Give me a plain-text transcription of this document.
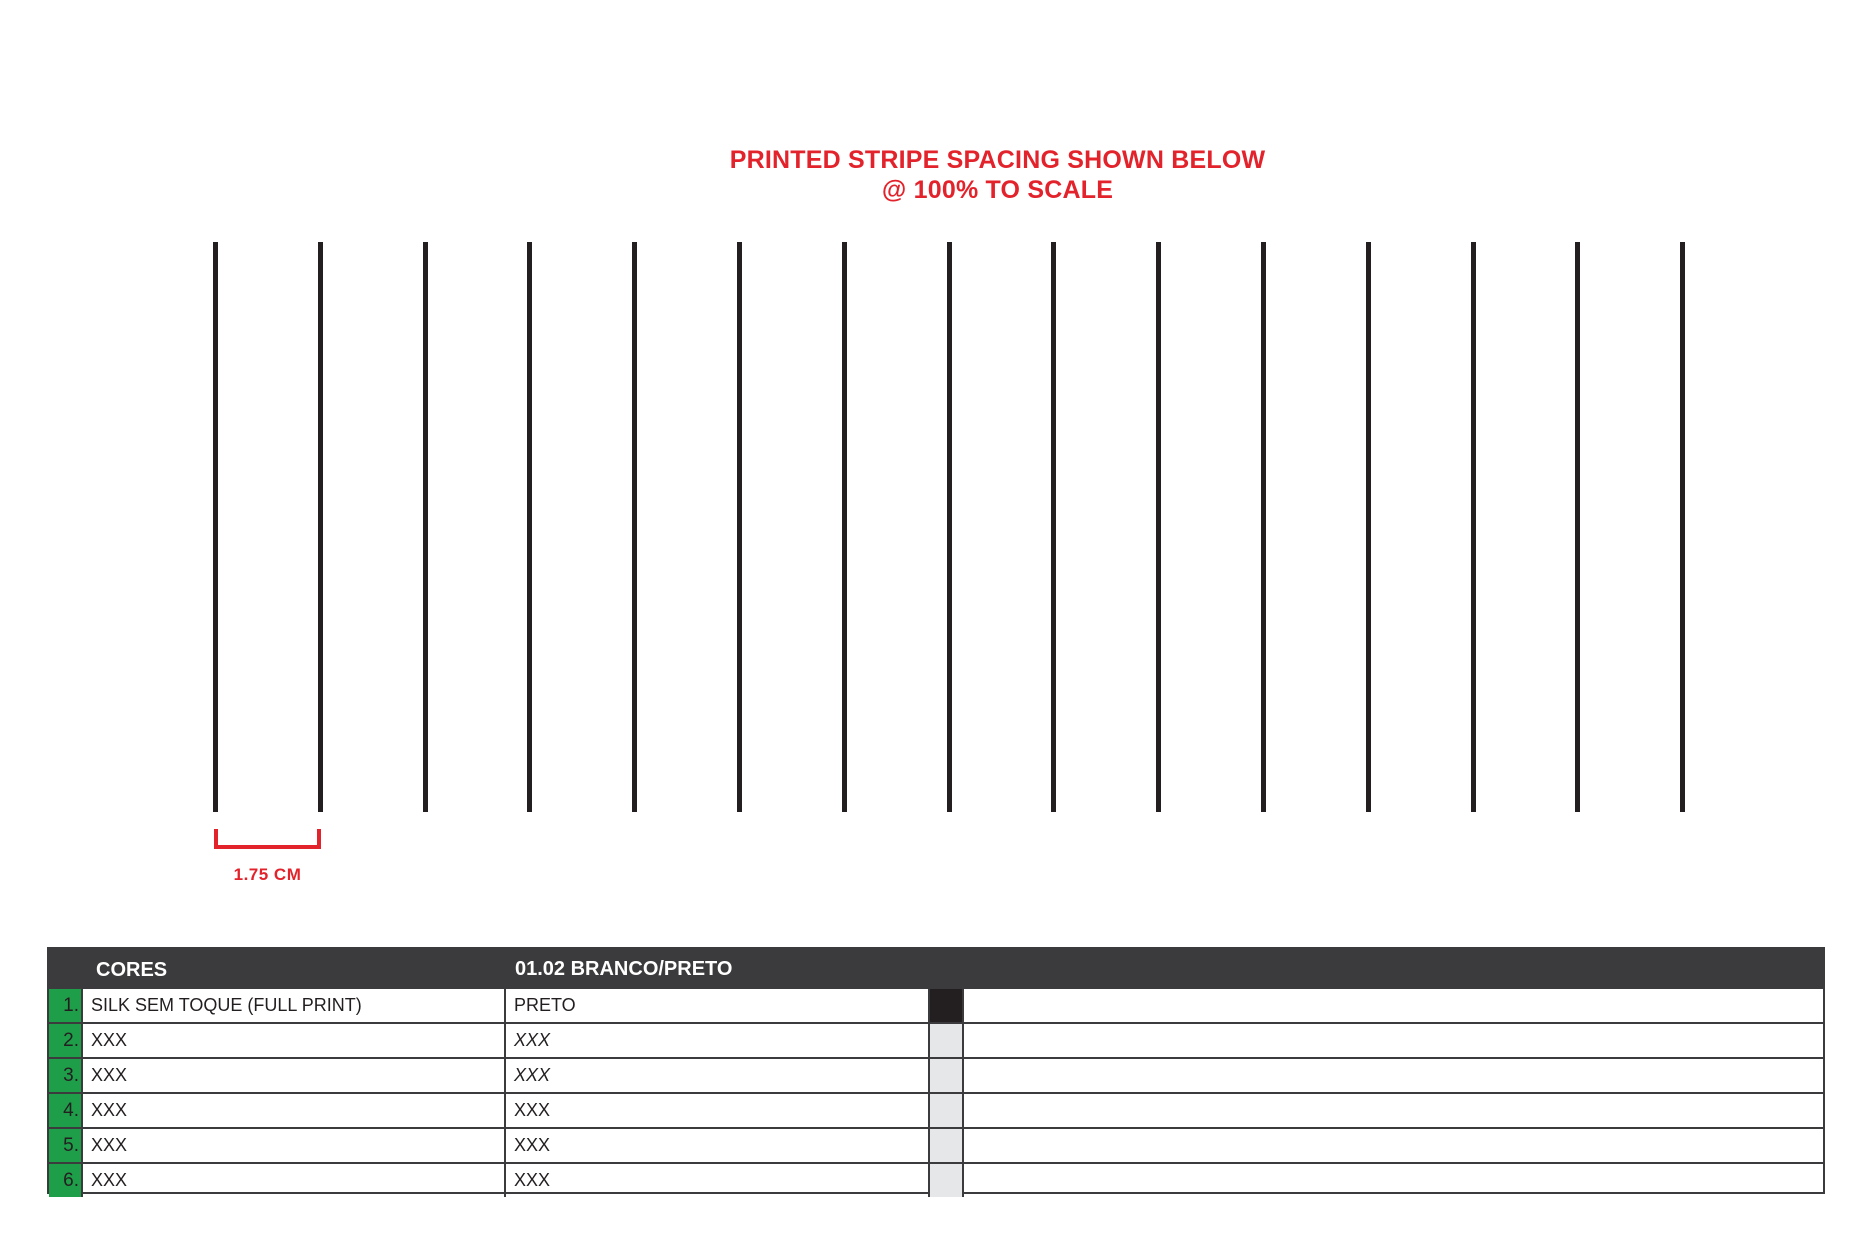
PRINTED STRIPE SPACING SHOWN BELOW
@ 100% TO SCALE
1.75 CM
CORES	01.02 BRANCO/PRETO
1. SILK SEM TOQUE (FULL PRINT)	PRETO
2. XXX	XXX
3. XXX	XXX
4. XXX	XXX
5. XXX	XXX
6. XXX	XXX
